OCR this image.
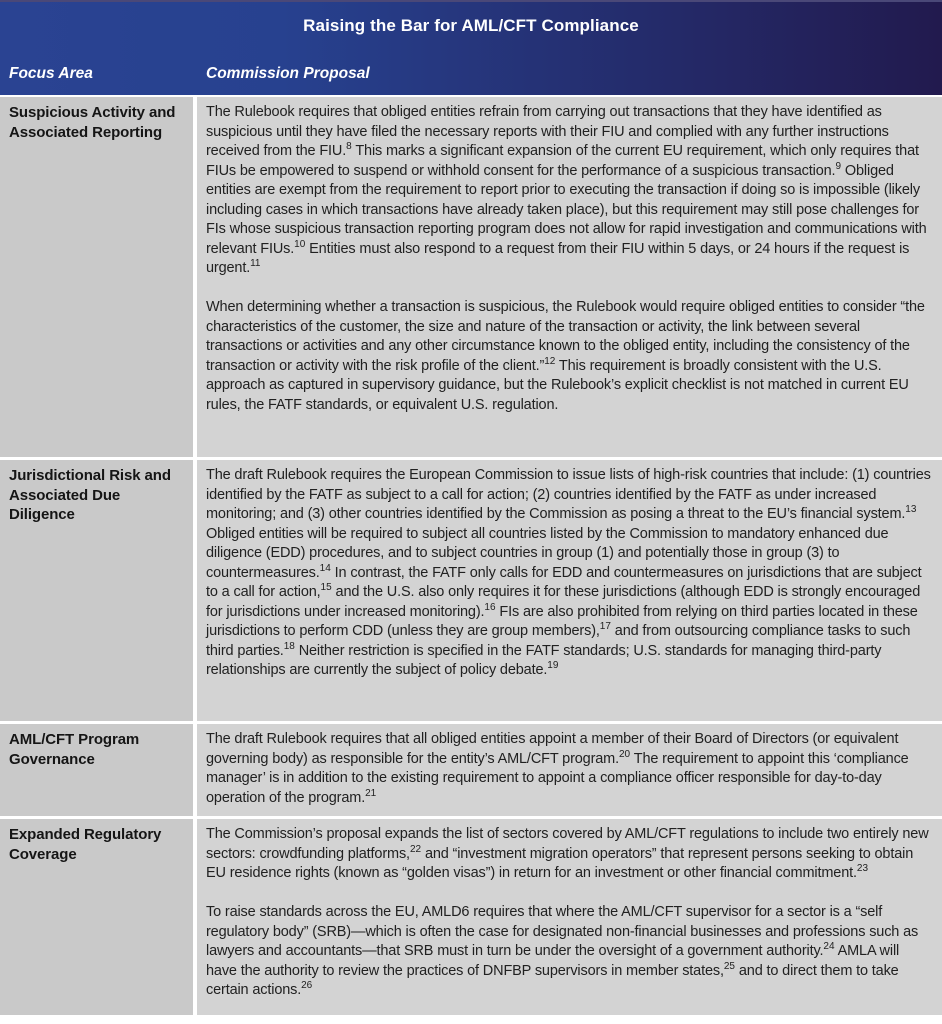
Raising the Bar for AML/CFT Compliance
Focus Area	Commission Proposal
Suspicious Activity and Associated Reporting

The Rulebook requires that obliged entities refrain from carrying out transactions that they have identified as suspicious until they have filed the necessary reports with their FIU and complied with any further instructions received from the FIU.$^8$ This marks a significant expansion of the current EU requirement, which only requires that FIUs be empowered to suspend or withhold consent for the performance of a suspicious transaction.$^9$ Obliged entities are exempt from the requirement to report prior to executing the transaction if doing so is impossible (likely including cases in which transactions have already taken place), but this requirement may still pose challenges for FIs whose suspicious transaction reporting program does not allow for rapid investigation and communications with relevant FIUs.$^{10}$ Entities must also respond to a request from their FIU within 5 days, or 24 hours if the request is urgent.$^{11}$

When determining whether a transaction is suspicious, the Rulebook would require obliged entities to consider “the characteristics of the customer, the size and nature of the transaction or activity, the link between several transactions or activities and any other circumstance known to the obliged entity, including the consistency of the transaction or activity with the risk profile of the client.”$^{12}$ This requirement is broadly consistent with the U.S. approach as captured in supervisory guidance, but the Rulebook’s explicit checklist is not matched in current EU rules, the FATF standards, or equivalent U.S. regulation.

Jurisdictional Risk and Associated Due Diligence

The draft Rulebook requires the European Commission to issue lists of high-risk countries that include: (1) countries identified by the FATF as subject to a call for action; (2) countries identified by the FATF as under increased monitoring; and (3) other countries identified by the Commission as posing a threat to the EU’s financial system.$^{13}$ Obliged entities will be required to subject all countries listed by the Commission to mandatory enhanced due diligence (EDD) procedures, and to subject countries in group (1) and potentially those in group (3) to countermeasures.$^{14}$ In contrast, the FATF only calls for EDD and countermeasures on jurisdictions that are subject to a call for action,$^{15}$ and the U.S. also only requires it for these jurisdictions (although EDD is strongly encouraged for jurisdictions under increased monitoring).$^{16}$ FIs are also prohibited from relying on third parties located in these jurisdictions to perform CDD (unless they are group members),$^{17}$ and from outsourcing compliance tasks to such third parties.$^{18}$ Neither restriction is specified in the FATF standards; U.S. standards for managing third-party relationships are currently the subject of policy debate.$^{19}$

AML/CFT Program Governance

The draft Rulebook requires that all obliged entities appoint a member of their Board of Directors (or equivalent governing body) as responsible for the entity’s AML/CFT program.$^{20}$ The requirement to appoint this ‘compliance manager’ is in addition to the existing requirement to appoint a compliance officer responsible for day-to-day operation of the program.$^{21}$

Expanded Regulatory Coverage

The Commission’s proposal expands the list of sectors covered by AML/CFT regulations to include two entirely new sectors: crowdfunding platforms,$^{22}$ and “investment migration operators” that represent persons seeking to obtain EU residence rights (known as “golden visas”) in return for an investment or other financial commitment.$^{23}$

To raise standards across the EU, AMLD6 requires that where the AML/CFT supervisor for a sector is a “self regulatory body” (SRB)—which is often the case for designated non-financial businesses and professions such as lawyers and accountants—that SRB must in turn be under the oversight of a government authority.$^{24}$ AMLA will have the authority to review the practices of DNFBP supervisors in member states,$^{25}$ and to direct them to take certain actions.$^{26}$
